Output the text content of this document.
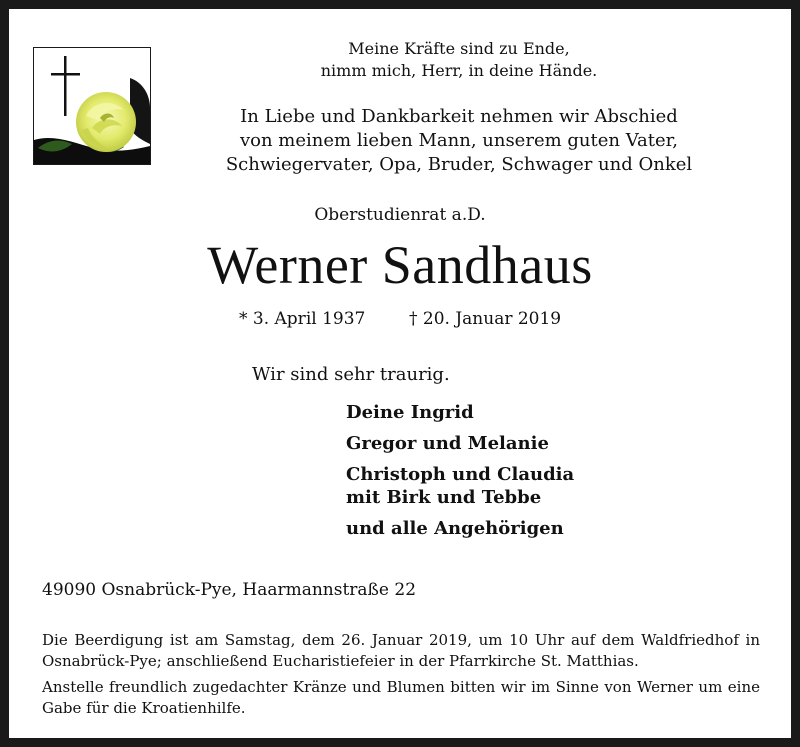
Meine Kräfte sind zu Ende,
nimm mich, Herr, in deine Hände.
In Liebe und Dankbarkeit nehmen wir Abschied
von meinem lieben Mann, unserem guten Vater,
Schwiegervater, Opa, Bruder, Schwager und Onkel
Oberstudienrat a.D.
Werner Sandhaus
* 3. April 1937	† 20. Januar 2019
Wir sind sehr traurig.
Deine Ingrid
Gregor und Melanie
Christoph und Claudia
mit Birk und Tebbe
und alle Angehörigen
49090 Osnabrück-Pye, Haarmannstraße 22
Die Beerdigung ist am Samstag, dem 26. Januar 2019, um 10 Uhr auf dem Waldfriedhof in Osnabrück-Pye; anschließend Eucharistiefeier in der Pfarrkirche St. Matthias.
Anstelle freundlich zugedachter Kränze und Blumen bitten wir im Sinne von Werner um eine Gabe für die Kroatienhilfe.
